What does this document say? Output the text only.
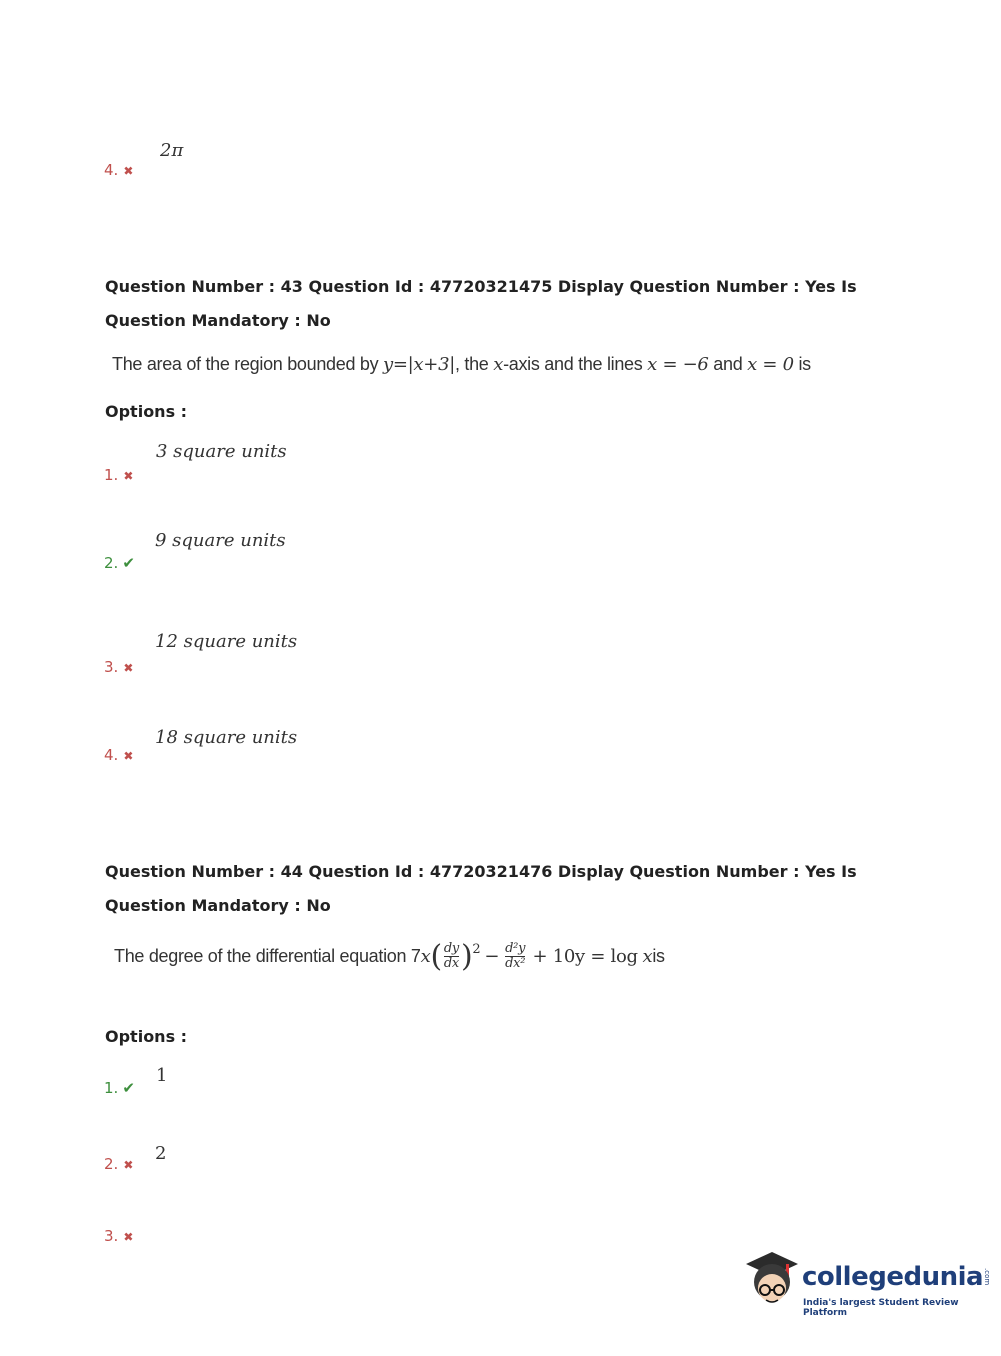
2π
4. ✖
Question Number : 43 Question Id : 47720321475 Display Question Number : Yes Is Question Mandatory : No
The area of the region bounded by y=|x+3|, the x-axis and the lines x = −6 and x = 0 is
Options :
3 square units
1. ✖
9 square units
2. ✔
12 square units
3. ✖
18 square units
4. ✖
Question Number : 44 Question Id : 47720321476 Display Question Number : Yes Is Question Mandatory : No
The degree of the differential equation 7 x ( $\frac{dy}{dx} )^2 - \frac{\text{d²y}}{\text{dx²}} + 10y = \log$
x is
Options :
1
1. ✔
2
2. ✖
3. ✖
collegedunia.com
India's largest Student Review Platform
